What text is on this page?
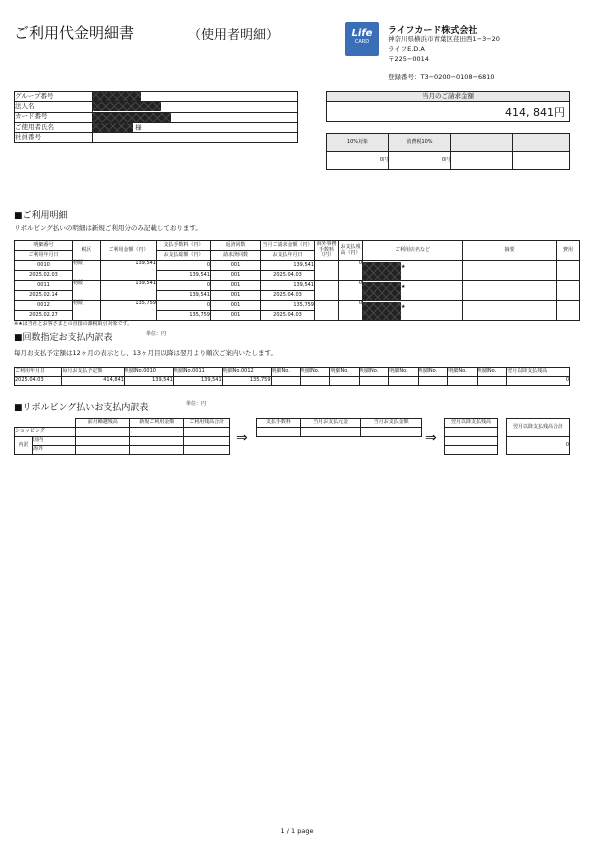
ご利用代金明細書	（使用者明細）	Life
CARD
ライフカード株式会社
神奈川県横浜市青葉区荏田西1−3−20
ライフE.D.A
〒225−0014
登録番号：T3−0200−0108−6810
グループ番号	
法人名	
カード番号	
ご使用者氏名	様
社員番号	
当月のご請求金額
414, 841円
10%対象	消費税10%		
0円	0円		
■ご利用明細
リボルビング払いの明細は新規ご利用分のみ記載しております。
明細番号	税区	ご利用金額（円）	支払手数料（円）	返済回数	当月ご請求金額（円）	海外事務手数料（円）	お支払残高（円）	ご利用店名など	摘要	費用
ご利用年月日			お支払総額（円）	請求済回数	お支払年月日					
0010	物販	139,541	0	001	139,541		0	★

2025.02.03			139,541	001	2025.04.03					
0011	物販	139,541	0	001	139,541		0	★

2025.02.14			139,541	001	2025.04.03					
0012	物販	135,759	0	001	135,759		0	★

2025.02.27			135,759	001	2025.04.03					
※★は当社とお客さまとの直接の課税取引対象です。
■回数指定お支払内訳表	単位：円
毎月お支払予定額は12ヶ月の表示とし、13ヶ月目以降は翌月より順次ご案内いたします。
ご利用年月日	毎月お支払予定額	明細No.0010	明細No.0011	明細No.0012	明細No.	明細No.	明細No.	明細No.	明細No.	明細No.	明細No.	明細No.	翌月以降支払残高
2025.04.03	414,841	139,541	139,541	135,759									0
■リボルビング払いお支払内訳表	単位：円
		前月繰越残高	新規ご利用金額	ご利用残高合計
ショッピング				
内訳	国内			
	海外			
⇒
支払手数料	当月お支払元金	当月お支払金額

⇒
翌月以降支払残高

翌月以降支払残高合計
0
1 / 1 page
